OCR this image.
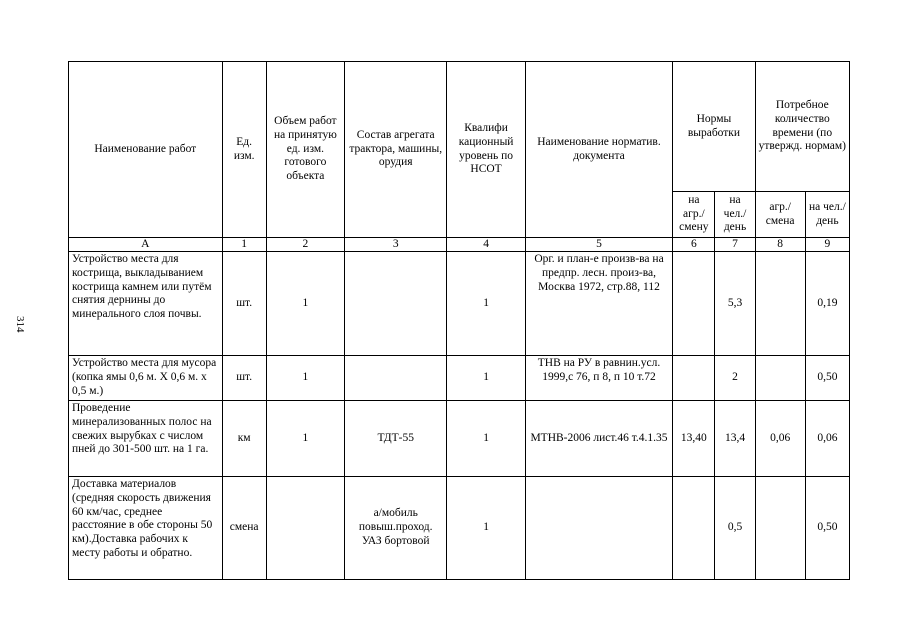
314
Наименование работ	Ед. изм.	Объем работ на принятую ед. изм. готового объекта	Состав агрегата трактора, машины, орудия	Квалифи кационный уровень по НСОТ	Наименование норматив. документа	Нормы выработки		Потребное количество времени (по утвержд. нормам)	
						на агр./ смену	на чел./ день	агр./ смена	на чел./ день
А	1	2	3	4	5	6	7	8	9
Устройство места для кострища, выкладыванием кострища камнем или путём снятия дернины до минерального слоя почвы.	шт.	1		1	Орг. и план-е произв-ва на предпр. лесн. произ-ва, Москва 1972, стр.88, 112		5,3		0,19
Устройство места для мусора (копка ямы 0,6 м. X 0,6 м. х 0,5 м.)	шт.	1		1	ТНВ на РУ в равнин.усл. 1999,с 76, п 8, п 10 т.72		2		0,50
Проведение минерализованных полос на свежих вырубках с числом пней до 301-500 шт. на 1 га.	км	1	ТДТ-55	1	МТНВ-2006 лист.46 т.4.1.35	13,40	13,4	0,06	0,06
Доставка материалов (средняя скорость движения 60 км/час, среднее расстояние в обе стороны 50 км).Доставка рабочих к месту работы и обратно.	смена		а/мобиль повыш.проход. УАЗ бортовой	1			0,5		0,50
